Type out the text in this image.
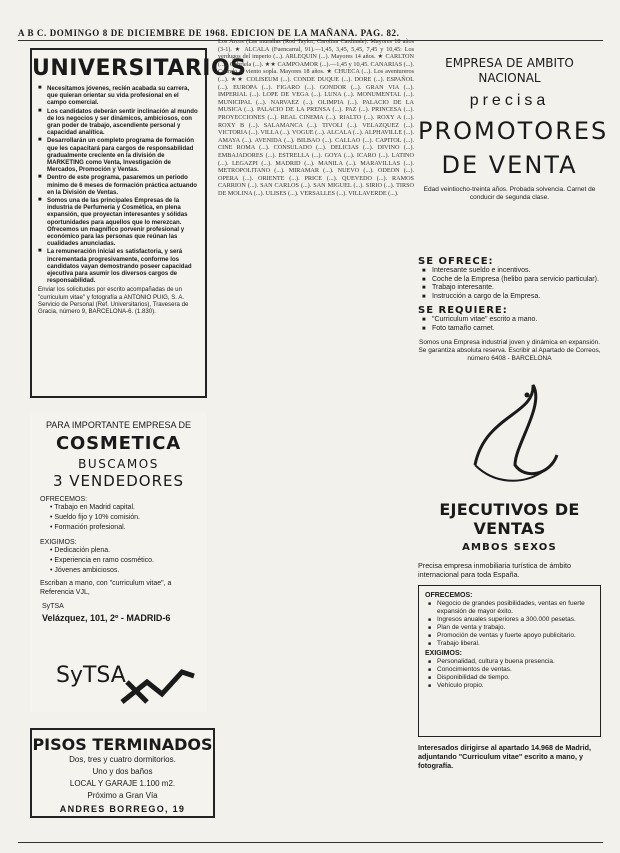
A B C. DOMINGO 8 DE DICIEMBRE DE 1968. EDICION DE LA MAÑANA. PAG. 82.
UNIVERSITARIOS
■ Necesitamos jóvenes, recién acabada su carrera, que quieran orientar su vida profesional en el campo comercial.
■ Los candidatos deberán sentir inclinación al mundo de los negocios y ser dinámicos, ambiciosos, con gran poder de trabajo, ascendiente personal y capacidad analítica.
■ Desarrollarán un completo programa de formación que les capacitará para cargos de responsabilidad gradualmente creciente en la división de MARKETING como Venta, Investigación de Mercados, Promoción y Ventas.
■ Dentro de este programa, pasaremos un periodo mínimo de 6 meses de formación práctica actuando en la División de Ventas.
■ Somos una de las principales Empresas de la industria de Perfumería y Cosmética, en plena expansión, que proyectan interesantes y sólidas oportunidades para aquellos que lo merezcan. Ofrecemos un magnífico porvenir profesional y económico para las personas que reúnan las cualidades anunciadas.
■ La remuneración inicial es satisfactoria, y será incrementada progresivamente, conforme los candidatos vayan demostrando poseer capacidad ejecutiva para asumir los diversos cargos de responsabilidad.
Enviar los solicitudes por escrito acompañadas de un "curriculum vitae" y fotografía a ANTONIO PUIG, S. A. Servicio de Personal (Ref. Universitarios), Travesera de Gracia, número 9, BARCELONA-6. (1.830).
PARA IMPORTANTE EMPRESA DE
COSMETICA
BUSCAMOS
3 VENDEDORES
OFRECEMOS:
• Trabajo en Madrid capital.
• Sueldo fijo y 10% comisión.
• Formación profesional.
EXIGIMOS:
• Dedicación plena.
• Experiencia en ramo cosmético.
• Jóvenes ambiciosos.
Escriban a mano, con "curriculum vitae", a Referencia VJL,
SyTSA
Velázquez, 101, 2º - MADRID-6
SyTSA
PISOS TERMINADOS
Dos, tres y cuatro dormitorios.
Uno y dos baños
LOCAL Y GARAJE 1.100 m2.
Próximo a Gran Vía
ANDRES BORREGO, 19

Los Arcos (Las murallas (Rod Taylor, Carolina Cardinale). Mayores 18 años (3-1). ★ ALCALA (Fuencarral, 91).—1,45, 3,45, 5,45, 7,45 y 10,45: Los verdugos del imperio (...). ARLEQUIN (...). Mayores 14 años. ★ CARLTON (...). Gabriela (...). ★★ CAMPOAMOR (...).—1,45 y 10,45. CANARIAS (...). Cuando el viento sopla. Mayores 18 años. ★ CHUECA (...). Los aventureros (...). ★★ COLISEUM (...). CONDE DUQUE (...). DORE (...). ESPAÑOL (...). EUROPA (...). FIGARO (...). GONDOR (...). GRAN VIA (...). IMPERIAL (...). LOPE DE VEGA (...). LUNA (...). MONUMENTAL (...). MUNICIPAL (...). NARVAEZ (...). OLIMPIA (...). PALACIO DE LA MUSICA (...). PALACIO DE LA PRENSA (...). PAZ (...). PRINCESA (...). PROYECCIONES (...). REAL CINEMA (...). RIALTO (...). ROXY A (...). ROXY B (...). SALAMANCA (...). TIVOLI (...). VELAZQUEZ (...). VICTORIA (...). VILLA (...). VOGUE (...). ALCALA (...). ALPHAVILLE (...). AMAYA (...). AVENIDA (...). BILBAO (...). CALLAO (...). CAPITOL (...). CINE ROMA (...). CONSULADO (...). DELICIAS (...). DIVINO (...). EMBAJADORES (...). ESTRELLA (...). GOYA (...). ICARO (...). LATINO (...). LEGAZPI (...). MADRID (...). MANILA (...). MARAVILLAS (...). METROPOLITANO (...). MIRAMAR (...). NUEVO (...). ODEON (...). OPERA (...). ORIENTE (...). PRICE (...). QUEVEDO (...). RAMOS CARRION (...). SAN CARLOS (...). SAN MIGUEL (...). SIRIO (...). TIRSO DE MOLINA (...). ULISES (...). VERSALLES (...). VILLAVERDE (...).

EMPRESA DE AMBITO NACIONAL
precisa
PROMOTORES DE VENTA
Edad veintiocho-treinta años. Probada solvencia. Carnet de conducir de segunda clase.
SE OFRECE:
■ Interesante sueldo e incentivos.
■ Coche de la Empresa (helibo para servicio particular).
■ Trabajo interesante.
■ Instrucción a cargo de la Empresa.
SE REQUIERE:
■ "Curriculum vitae" escrito a mano.
■ Foto tamaño carnet.
Somos una Empresa industrial joven y dinámica en expansión. Se garantiza absoluta reserva. Escribir al Apartado de Correos, número 6408 - BARCELONA
EJECUTIVOS DE VENTAS
AMBOS SEXOS
Precisa empresa inmobiliaria turística de ámbito internacional para toda España.
OFRECEMOS:
■ Negocio de grandes posibilidades, ventas en fuerte expansión de mayor éxito.
■ Ingresos anuales superiores a 300.000 pesetas.
■ Plan de venta y trabajo.
■ Promoción de ventas y fuerte apoyo publicitario.
■ Trabajo liberal.
EXIGIMOS:
■ Personalidad, cultura y buena presencia.
■ Conocimientos de ventas.
■ Disponibilidad de tiempo.
■ Vehículo propio.
Interesados dirigirse al apartado 14.968 de Madrid, adjuntando "Curriculum vitae" escrito a mano, y fotografía.
